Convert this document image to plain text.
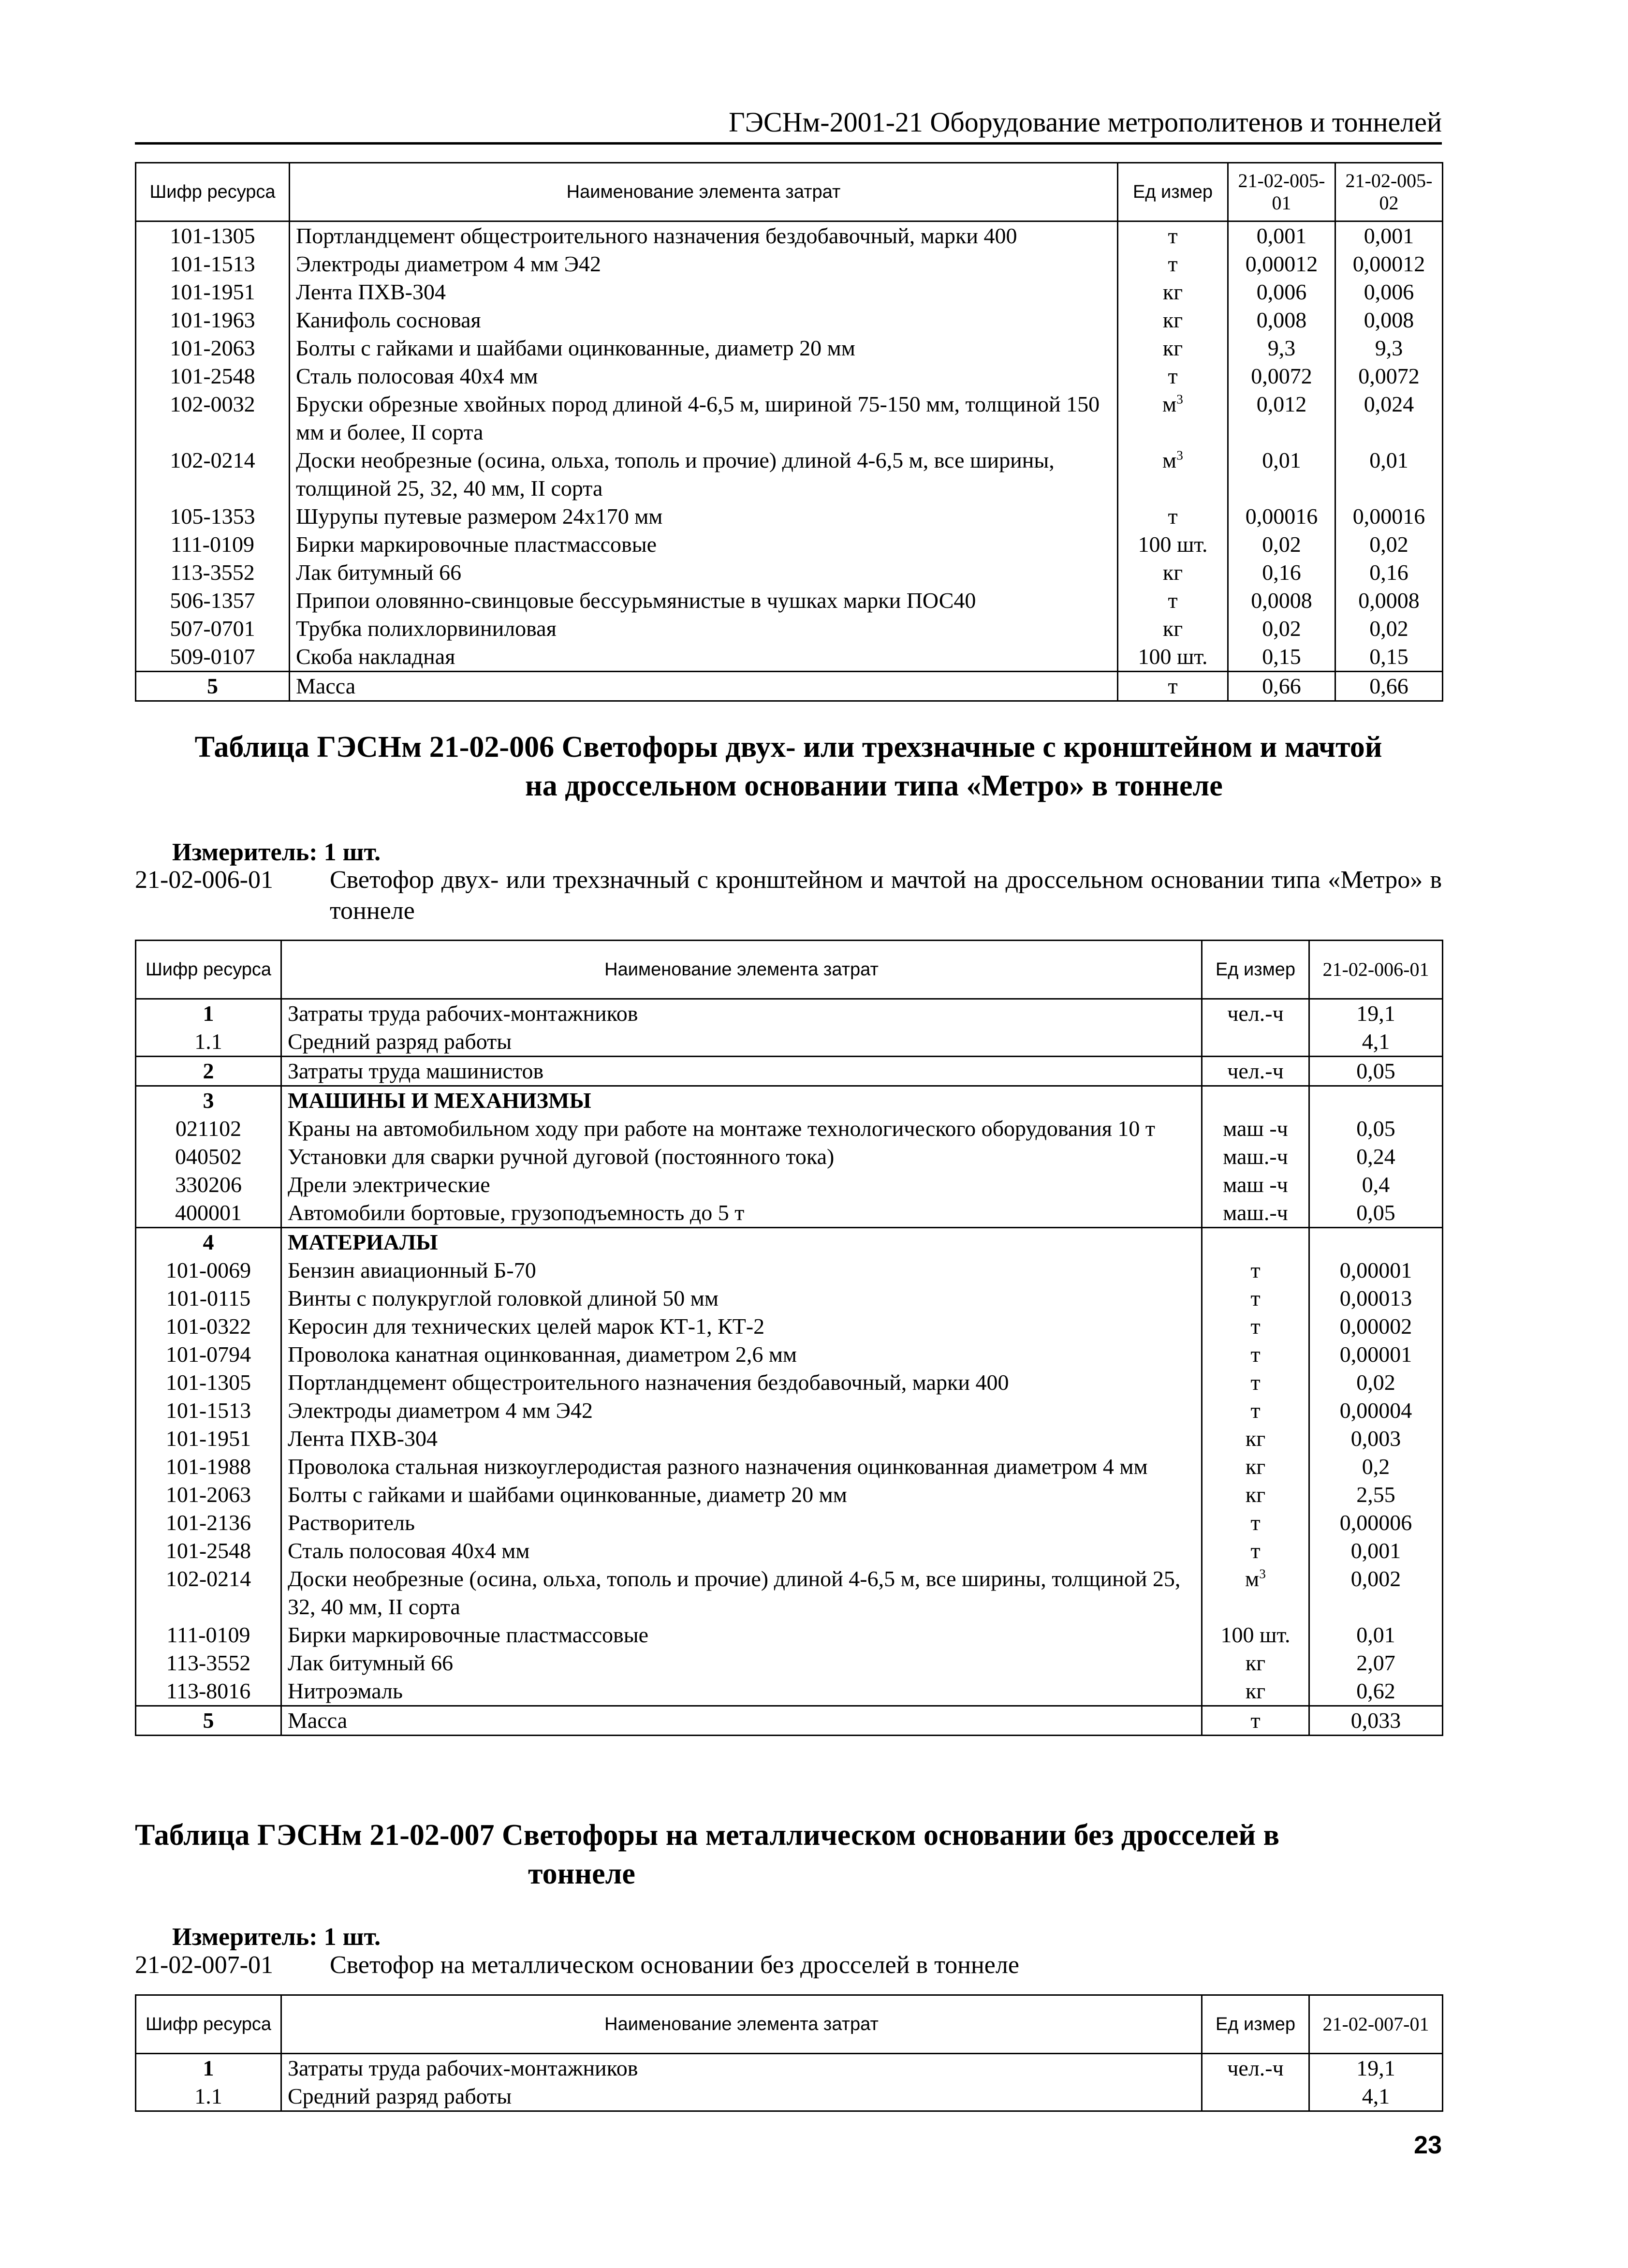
ГЭСНм-2001-21 Оборудование метрополитенов и тоннелей
Шифр ресурса	Наименование элемента затрат	Ед измер	21-02-005-01	21-02-005-02
101-1305	Портландцемент общестроительного назначения бездобавочный, марки 400	т	0,001	0,001
101-1513	Электроды диаметром 4 мм Э42	т	0,00012	0,00012
101-1951	Лента ПХВ-304	кг	0,006	0,006
101-1963	Канифоль сосновая	кг	0,008	0,008
101-2063	Болты с гайками и шайбами оцинкованные, диаметр 20 мм	кг	9,3	9,3
101-2548	Сталь полосовая 40х4 мм	т	0,0072	0,0072
102-0032	Бруски обрезные хвойных пород длиной 4-6,5 м, шириной 75-150 мм, толщиной 150 мм и более, II сорта	$м^3$	0,012	0,024
102-0214	Доски необрезные (осина, ольха, тополь и прочие) длиной 4-6,5 м, все ширины, толщиной 25, 32, 40 мм, II сорта	$м^3$	0,01	0,01
105-1353	Шурупы путевые размером 24х170 мм	т	0,00016	0,00016
111-0109	Бирки маркировочные пластмассовые	100 шт.	0,02	0,02
113-3552	Лак битумный 66	кг	0,16	0,16
506-1357	Припои оловянно-свинцовые бессурьмянистые в чушках марки ПОС40	т	0,0008	0,0008
507-0701	Трубка полихлорвиниловая	кг	0,02	0,02
509-0107	Скоба накладная	100 шт.	0,15	0,15
5	Масса	т	0,66	0,66
Таблица ГЭСНм 21-02-006 Светофоры двух- или трехзначные с кронштейном и мачтой
на дроссельном основании типа «Метро» в тоннеле
Измеритель: 1 шт.
21-02-006-01 Светофор двух- или трехзначный с кронштейном и мачтой на дроссельном основании типа «Метро» в тоннеле
Шифр ресурса	Наименование элемента затрат	Ед измер	21-02-006-01
1	Затраты труда рабочих-монтажников	чел.-ч	19,1
1.1	Средний разряд работы		4,1
2	Затраты труда машинистов	чел.-ч	0,05
3	МАШИНЫ И МЕХАНИЗМЫ		
021102	Краны на автомобильном ходу при работе на монтаже технологического оборудования 10 т	маш -ч	0,05
040502	Установки для сварки ручной дуговой (постоянного тока)	маш.-ч	0,24
330206	Дрели электрические	маш -ч	0,4
400001	Автомобили бортовые, грузоподъемность до 5 т	маш.-ч	0,05
4	МАТЕРИАЛЫ		
101-0069	Бензин авиационный Б-70	т	0,00001
101-0115	Винты с полукруглой головкой длиной 50 мм	т	0,00013
101-0322	Керосин для технических целей марок КТ-1, КТ-2	т	0,00002
101-0794	Проволока канатная оцинкованная, диаметром 2,6 мм	т	0,00001
101-1305	Портландцемент общестроительного назначения бездобавочный, марки 400	т	0,02
101-1513	Электроды диаметром 4 мм Э42	т	0,00004
101-1951	Лента ПХВ-304	кг	0,003
101-1988	Проволока стальная низкоуглеродистая разного назначения оцинкованная диаметром 4 мм	кг	0,2
101-2063	Болты с гайками и шайбами оцинкованные, диаметр 20 мм	кг	2,55
101-2136	Растворитель	т	0,00006
101-2548	Сталь полосовая 40х4 мм	т	0,001
102-0214	Доски необрезные (осина, ольха, тополь и прочие) длиной 4-6,5 м, все ширины, толщиной 25, 32, 40 мм, II сорта	$м^3$	0,002
111-0109	Бирки маркировочные пластмассовые	100 шт.	0,01
113-3552	Лак битумный 66	кг	2,07
113-8016	Нитроэмаль	кг	0,62
5	Масса	т	0,033
Таблица ГЭСНм 21-02-007 Светофоры на металлическом основании без дросселей в
тоннеле
Измеритель: 1 шт.
21-02-007-01 Светофор на металлическом основании без дросселей в тоннеле
Шифр ресурса	Наименование элемента затрат	Ед измер	21-02-007-01
1	Затраты труда рабочих-монтажников	чел.-ч	19,1
1.1	Средний разряд работы		4,1
23
